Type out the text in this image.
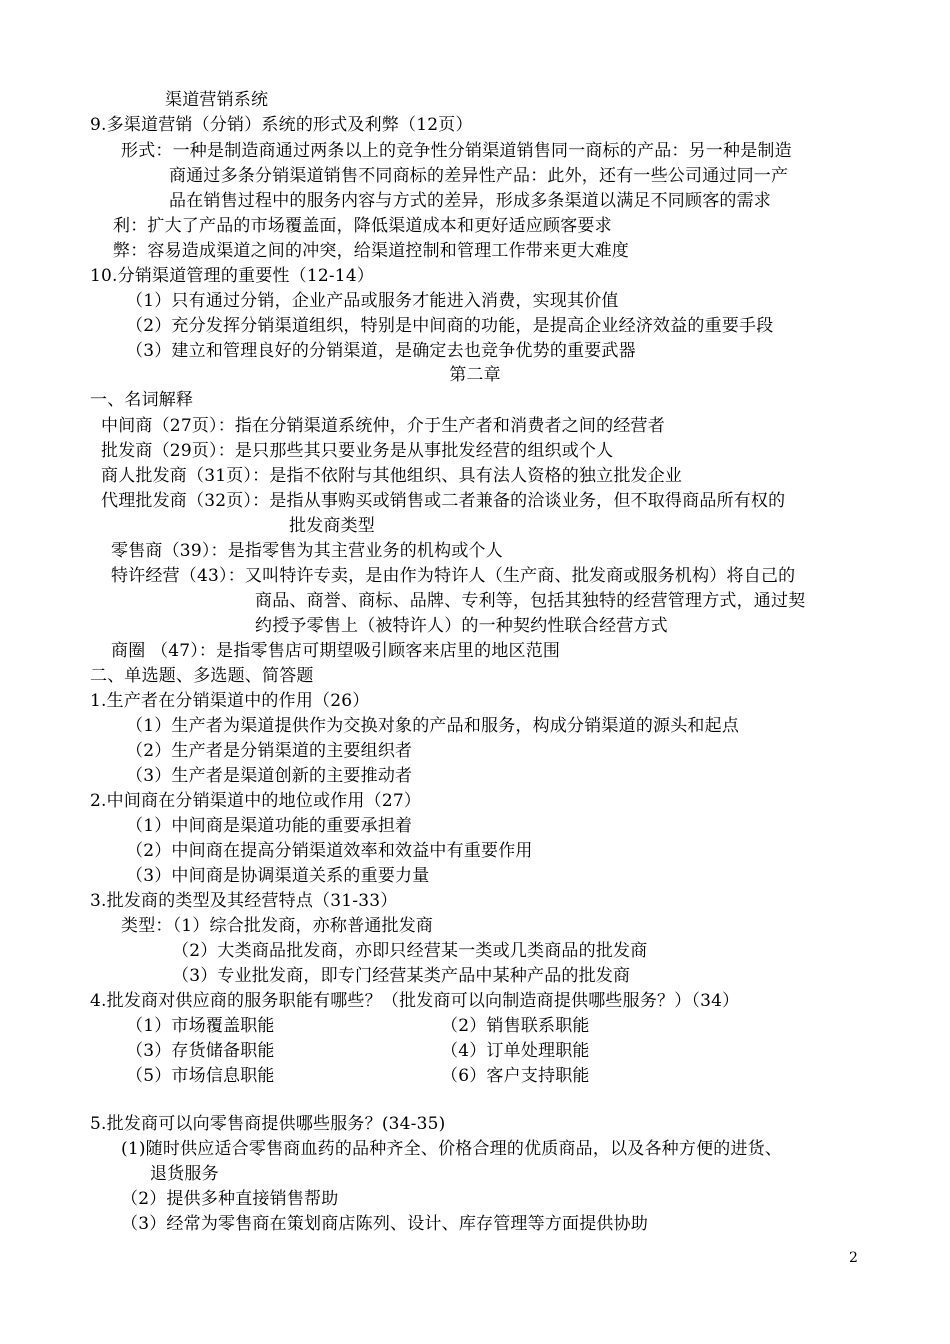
渠道营销系统
9.多渠道营销（分销）系统的形式及利弊（12页）
形式：一种是制造商通过两条以上的竞争性分销渠道销售同一商标的产品：另一种是制造
商通过多条分销渠道销售不同商标的差异性产品：此外，还有一些公司通过同一产
品在销售过程中的服务内容与方式的差异，形成多条渠道以满足不同顾客的需求
利：扩大了产品的市场覆盖面，降低渠道成本和更好适应顾客要求
弊：容易造成渠道之间的冲突，给渠道控制和管理工作带来更大难度
10.分销渠道管理的重要性（12-14）
（1）只有通过分销，企业产品或服务才能进入消费，实现其价值
（2）充分发挥分销渠道组织，特别是中间商的功能，是提高企业经济效益的重要手段
（3）建立和管理良好的分销渠道，是确定去也竞争优势的重要武器
第二章
一、名词解释
中间商（27页）：指在分销渠道系统仲，介于生产者和消费者之间的经营者
批发商（29页）：是只那些其只要业务是从事批发经营的组织或个人
商人批发商（31页）：是指不依附与其他组织、具有法人资格的独立批发企业
代理批发商（32页）：是指从事购买或销售或二者兼备的洽谈业务，但不取得商品所有权的
批发商类型
零售商（39）：是指零售为其主营业务的机构或个人
特许经营（43）：又叫特许专卖，是由作为特许人（生产商、批发商或服务机构）将自己的
商品、商誉、商标、品牌、专利等，包括其独特的经营管理方式，通过契
约授予零售上（被特许人）的一种契约性联合经营方式
商圈 （47）：是指零售店可期望吸引顾客来店里的地区范围
二、单选题、多选题、简答题
1.生产者在分销渠道中的作用（26）
（1）生产者为渠道提供作为交换对象的产品和服务，构成分销渠道的源头和起点
（2）生产者是分销渠道的主要组织者
（3）生产者是渠道创新的主要推动者
2.中间商在分销渠道中的地位或作用（27）
（1）中间商是渠道功能的重要承担着
（2）中间商在提高分销渠道效率和效益中有重要作用
（3）中间商是协调渠道关系的重要力量
3.批发商的类型及其经营特点（31-33）
类型：（1）综合批发商，亦称普通批发商
（2）大类商品批发商，亦即只经营某一类或几类商品的批发商
（3）专业批发商，即专门经营某类产品中某种产品的批发商
4.批发商对供应商的服务职能有哪些？（批发商可以向制造商提供哪些服务？）（34）
（1）市场覆盖职能	（2）销售联系职能
（3）存货储备职能	（4）订单处理职能
（5）市场信息职能	（6）客户支持职能
5.批发商可以向零售商提供哪些服务？(34-35)
(1)随时供应适合零售商血药的品种齐全、价格合理的优质商品，以及各种方便的进货、
退货服务
（2）提供多种直接销售帮助
（3）经常为零售商在策划商店陈列、设计、库存管理等方面提供协助
2
